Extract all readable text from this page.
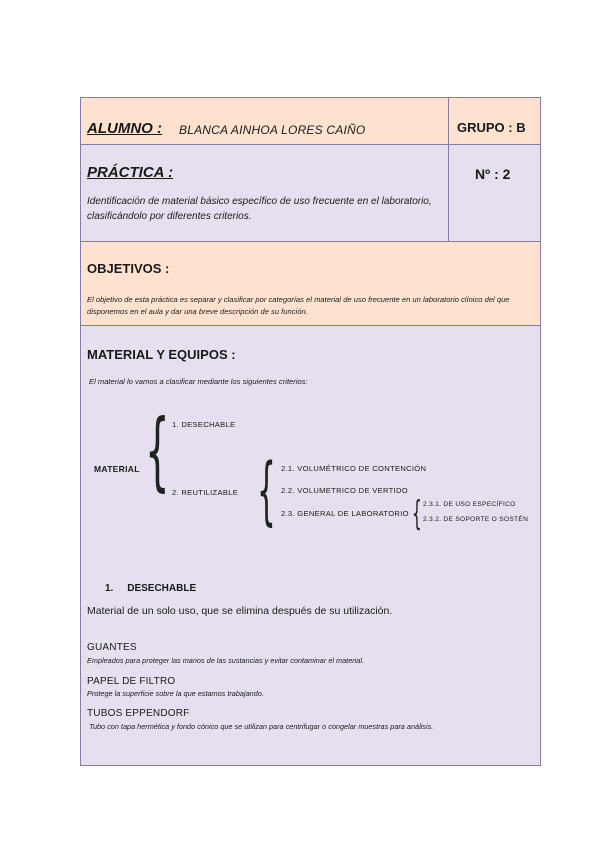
ALUMNO : BLANCA AINHOA LORES CAIÑO	GRUPO : B
PRÁCTICA :
Identificación de material básico específico de uso frecuente en el laboratorio, clasificándolo por diferentes criterios.
Nº : 2
OBJETIVOS :
El objetivo de esta práctica es separar y clasificar por categorías el material de uso frecuente en un laboratorio clínico del que disponemos en el aula y dar una breve descripción de su función.
MATERIAL Y EQUIPOS :
El material lo vamos a clasificar mediante los siguientes criterios:
MATERIAL { 1. DESECHABLE
2. REUTILIZABLE { 2.1. VOLUMÉTRICO DE CONTENCIÓN
2.2. VOLUMETRICO DE VERTIDO
2.3. GENERAL DE LABORATORIO { 2.3.1. DE USO ESPECÍFICO
2.3.2. DE SOPORTE O SOSTÉN
1.     DESECHABLE
Material de un solo uso, que se elimina después de su utilización.
GUANTES
Empleados para proteger las manos de las sustancias y evitar contaminar el material.
PAPEL DE FILTRO
Protege la superficie sobre la que estamos trabajando.
TUBOS EPPENDORF
Tubo con tapa hermética y fondo cónico que se utilizan para centrifugar o congelar muestras para análisis.
